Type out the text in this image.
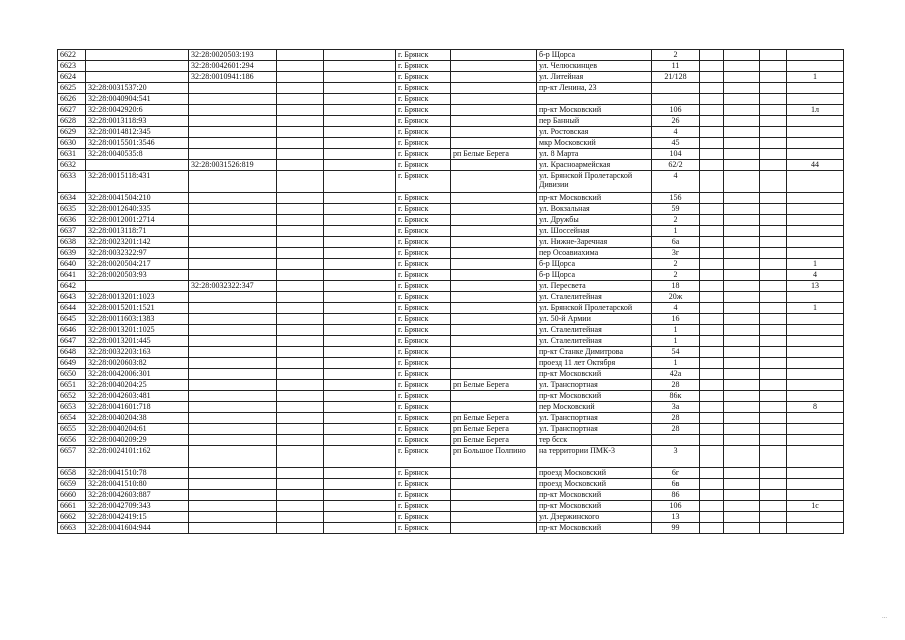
6622		32:28:0020503:193			г. Брянск		б-р Щорса	2				
6623		32:28:0042601:294			г. Брянск		ул. Челюскинцев	11				
6624		32:28:0010941:186			г. Брянск		ул. Литейная	21/128				1
6625	32:28:0031537:20				г. Брянск		пр-кт Ленина, 23					
6626	32:28:0040904:541				г. Брянск							
6627	32:28:0042920:6				г. Брянск		пр-кт Московский	106				1л
6628	32:28:0013118:93				г. Брянск		пер Банный	26				
6629	32:28:0014812:345				г. Брянск		ул. Ростовская	4				
6630	32:28:0015501:3546				г. Брянск		мкр Московский	45				
6631	32:28:0040535:8				г. Брянск	рп Белые Берега	ул. 8 Марта	104				
6632		32:28:0031526:819			г. Брянск		ул. Красноармейская	62/2				44
6633	32:28:0015118:431				г. Брянск		ул. Брянской Пролетарской Дивизии	4				
6634	32:28:0041504:210				г. Брянск		пр-кт Московский	156				
6635	32:28:0012640:335				г. Брянск		ул. Вокзальная	59				
6636	32:28:0012001:2714				г. Брянск		ул. Дружбы	2				
6637	32:28:0013118:71				г. Брянск		ул. Шоссейная	1				
6638	32:28:0023201:142				г. Брянск		ул. Нижне-Заречная	6а				
6639	32:28:0032322:97				г. Брянск		пер Осоавиахима	3г				
6640	32:28:0020504:217				г. Брянск		б-р Щорса	2				1
6641	32:28:0020503:93				г. Брянск		б-р Щорса	2				4
6642		32:28:0032322:347			г. Брянск		ул. Пересвета	18				13
6643	32:28:0013201:1023				г. Брянск		ул. Сталелитейная	20ж				
6644	32:28:0015201:1521				г. Брянск		ул. Брянской Пролетарской	4				1
6645	32:28:0011603:1383				г. Брянск		ул. 50-й Армии	16				
6646	32:28:0013201:1025				г. Брянск		ул. Сталелитейная	1				
6647	32:28:0013201:445				г. Брянск		ул. Сталелитейная	1				
6648	32:28:0032203:163				г. Брянск		пр-кт Станке Димитрова	54				
6649	32:28:0020603:82				г. Брянск		проезд 11 лет Октября	1				
6650	32:28:0042006:301				г. Брянск		пр-кт Московский	42а				
6651	32:28:0040204:25				г. Брянск	рп Белые Берега	ул. Транспортная	28				
6652	32:28:0042603:481				г. Брянск		пр-кт Московский	86к				
6653	32:28:0041601:718				г. Брянск		пер Московский	3а				8
6654	32:28:0040204:38				г. Брянск	рп Белые Берега	ул. Транспортная	28				
6655	32:28:0040204:61				г. Брянск	рп Белые Берега	ул. Транспортная	28				
6656	32:28:0040209:29				г. Брянск	рп Белые Берега	тер бсск					
6657	32:28:0024101:162				г. Брянск	рп Большое Полпино	на территории ПМК-3	3				
6658	32:28:0041510:78				г. Брянск		проезд Московский	6г				
6659	32:28:0041510:80				г. Брянск		проезд Московский	6в				
6660	32:28:0042603:887				г. Брянск		пр-кт Московский	86				
6661	32:28:0042709:343				г. Брянск		пр-кт Московский	106				1с
6662	32:28:0042419:15				г. Брянск		ул. Дзержинского	13				
6663	32:28:0041604:944				г. Брянск		пр-кт Московский	99				
...
